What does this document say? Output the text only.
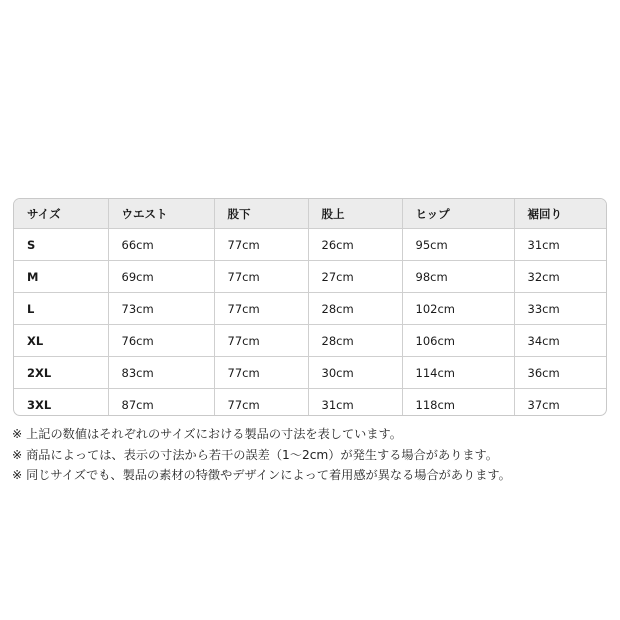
サイズ	ウエスト	股下	股上	ヒップ	裾回り
S	66cm	77cm	26cm	95cm	31cm
M	69cm	77cm	27cm	98cm	32cm
L	73cm	77cm	28cm	102cm	33cm
XL	76cm	77cm	28cm	106cm	34cm
2XL	83cm	77cm	30cm	114cm	36cm
3XL	87cm	77cm	31cm	118cm	37cm
※ 上記の数値はそれぞれのサイズにおける製品の寸法を表しています。
※ 商品によっては、表示の寸法から若干の誤差（1～2cm）が発生する場合があります。
※ 同じサイズでも、製品の素材の特徴やデザインによって着用感が異なる場合があります。
